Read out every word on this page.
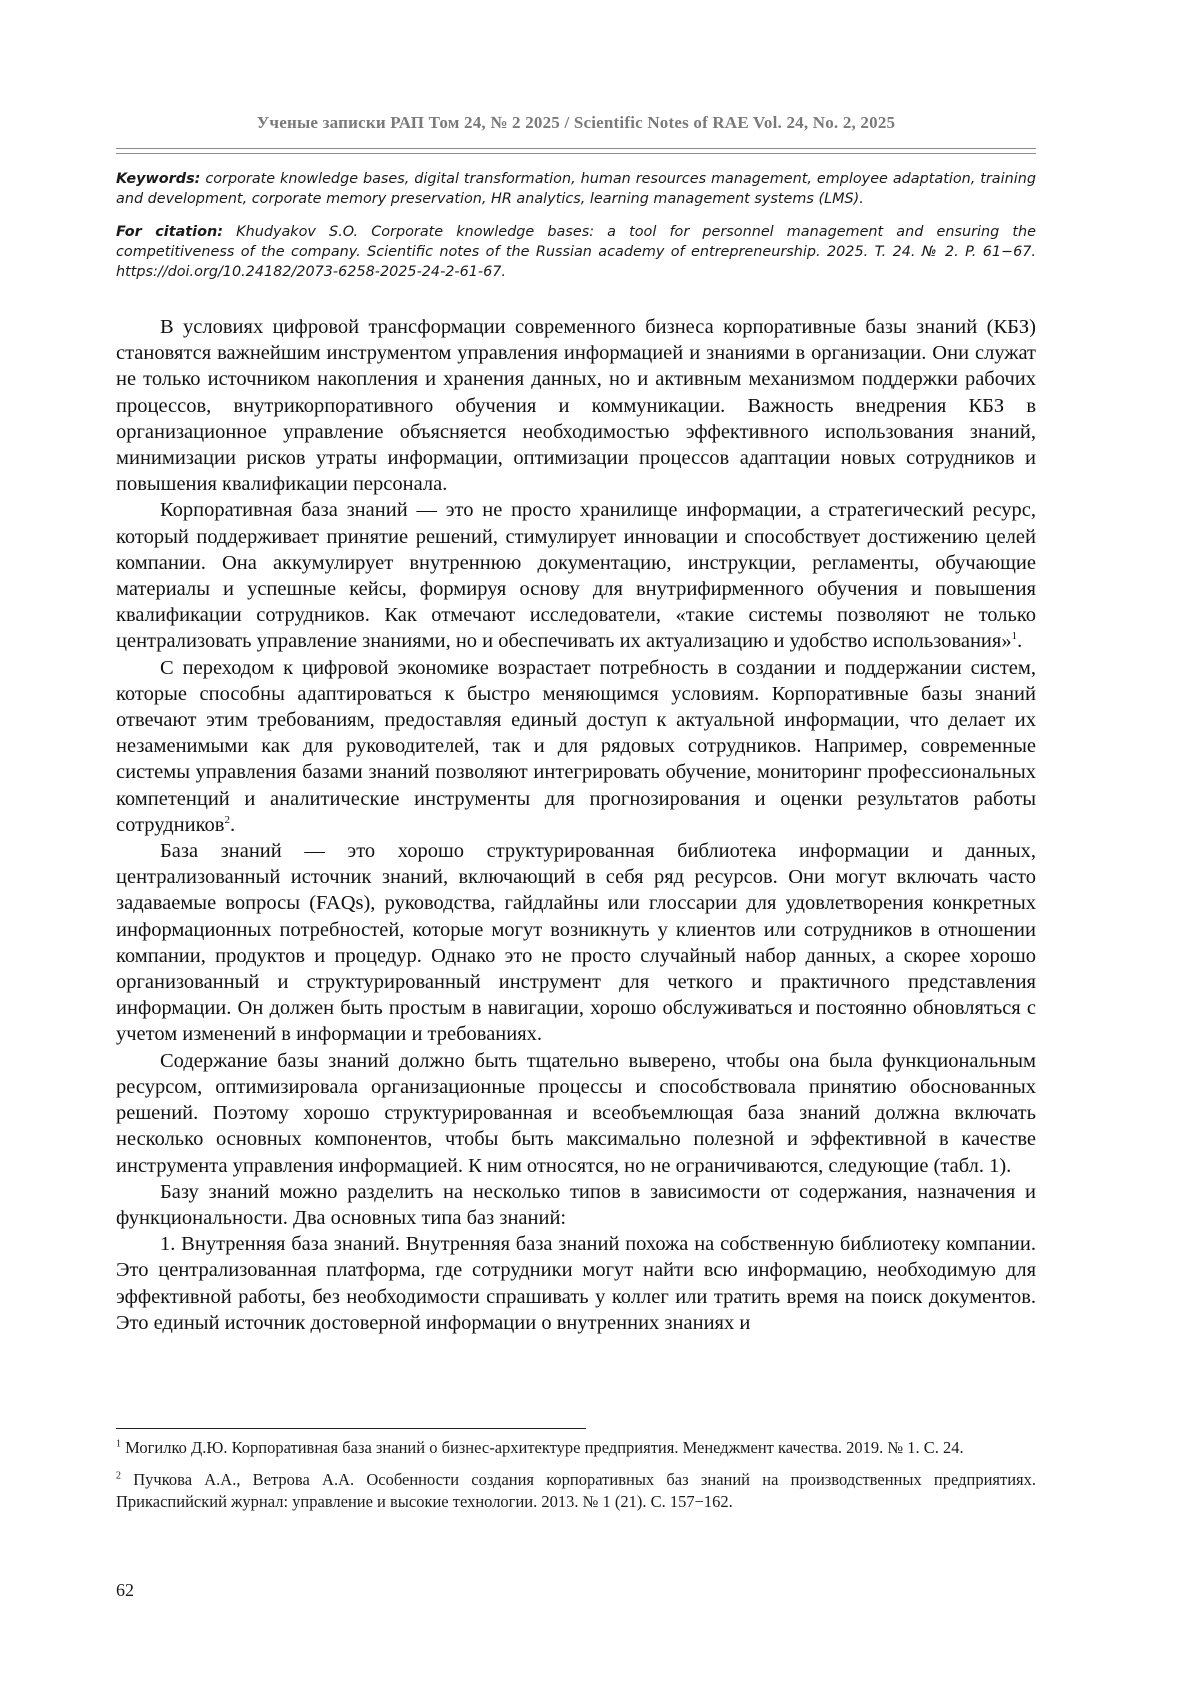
Ученые записки РАП Том 24, № 2 2025 / Scientific Notes of RAE Vol. 24, No. 2, 2025
Keywords: corporate knowledge bases, digital transformation, human resources management, employee adaptation, training and development, corporate memory preservation, HR analytics, learning management systems (LMS).
For citation: Khudyakov S.O. Corporate knowledge bases: a tool for personnel management and ensuring the competitiveness of the company. Scientific notes of the Russian academy of entrepreneurship. 2025. T. 24. № 2. P. 61−67. https://doi.org/10.24182/2073-6258-2025-24-2-61-67.

В условиях цифровой трансформации современного бизнеса корпоративные базы знаний (КБЗ) становятся важнейшим инструментом управления информацией и знаниями в организации. Они служат не только источником накопления и хранения данных, но и активным механизмом поддержки рабочих процессов, внутрикорпоративного обучения и коммуникации. Важность внедрения КБЗ в организационное управление объясняется необходимостью эффективного использования знаний, минимизации рисков утраты информации, оптимизации процессов адаптации новых сотрудников и повышения квалификации персонала.

Корпоративная база знаний — это не просто хранилище информации, а стратегический ресурс, который поддерживает принятие решений, стимулирует инновации и способствует достижению целей компании. Она аккумулирует внутреннюю документацию, инструкции, регламенты, обучающие материалы и успешные кейсы, формируя основу для внутрифирменного обучения и повышения квалификации сотрудников. Как отмечают исследователи, «такие системы позволяют не только централизовать управление знаниями, но и обеспечивать их актуализацию и удобство использования»$^1$.

С переходом к цифровой экономике возрастает потребность в создании и поддержании систем, которые способны адаптироваться к быстро меняющимся условиям. Корпоративные базы знаний отвечают этим требованиям, предоставляя единый доступ к актуальной информации, что делает их незаменимыми как для руководителей, так и для рядовых сотрудников. Например, современные системы управления базами знаний позволяют интегрировать обучение, мониторинг профессиональных компетенций и аналитические инструменты для прогнозирования и оценки результатов работы сотрудников$^2$.

База знаний — это хорошо структурированная библиотека информации и данных, централизованный источник знаний, включающий в себя ряд ресурсов. Они могут включать часто задаваемые вопросы (FAQs), руководства, гайдлайны или глоссарии для удовлетворения конкретных информационных потребностей, которые могут возникнуть у клиентов или сотрудников в отношении компании, продуктов и процедур. Однако это не просто случайный набор данных, а скорее хорошо организованный и структурированный инструмент для четкого и практичного представления информации. Он должен быть простым в навигации, хорошо обслуживаться и постоянно обновляться с учетом изменений в информации и требованиях.

Содержание базы знаний должно быть тщательно выверено, чтобы она была функциональным ресурсом, оптимизировала организационные процессы и способствовала принятию обоснованных решений. Поэтому хорошо структурированная и всеобъемлющая база знаний должна включать несколько основных компонентов, чтобы быть максимально полезной и эффективной в качестве инструмента управления информацией. К ним относятся, но не ограничиваются, следующие (табл. 1).

Базу знаний можно разделить на несколько типов в зависимости от содержания, назначения и функциональности. Два основных типа баз знаний:

1. Внутренняя база знаний. Внутренняя база знаний похожа на собственную библиотеку компании. Это централизованная платформа, где сотрудники могут найти всю информацию, необходимую для эффективной работы, без необходимости спрашивать у коллег или тратить время на поиск документов. Это единый источник достоверной информации о внутренних знаниях и

$^1$ Могилко Д.Ю. Корпоративная база знаний о бизнес-архитектуре предприятия. Менеджмент качества. 2019. № 1. С. 24.

$^2$ Пучкова А.А., Ветрова А.А. Особенности создания корпоративных баз знаний на производственных предприятиях. Прикаспийский журнал: управление и высокие технологии. 2013. № 1 (21). С. 157−162.

62
